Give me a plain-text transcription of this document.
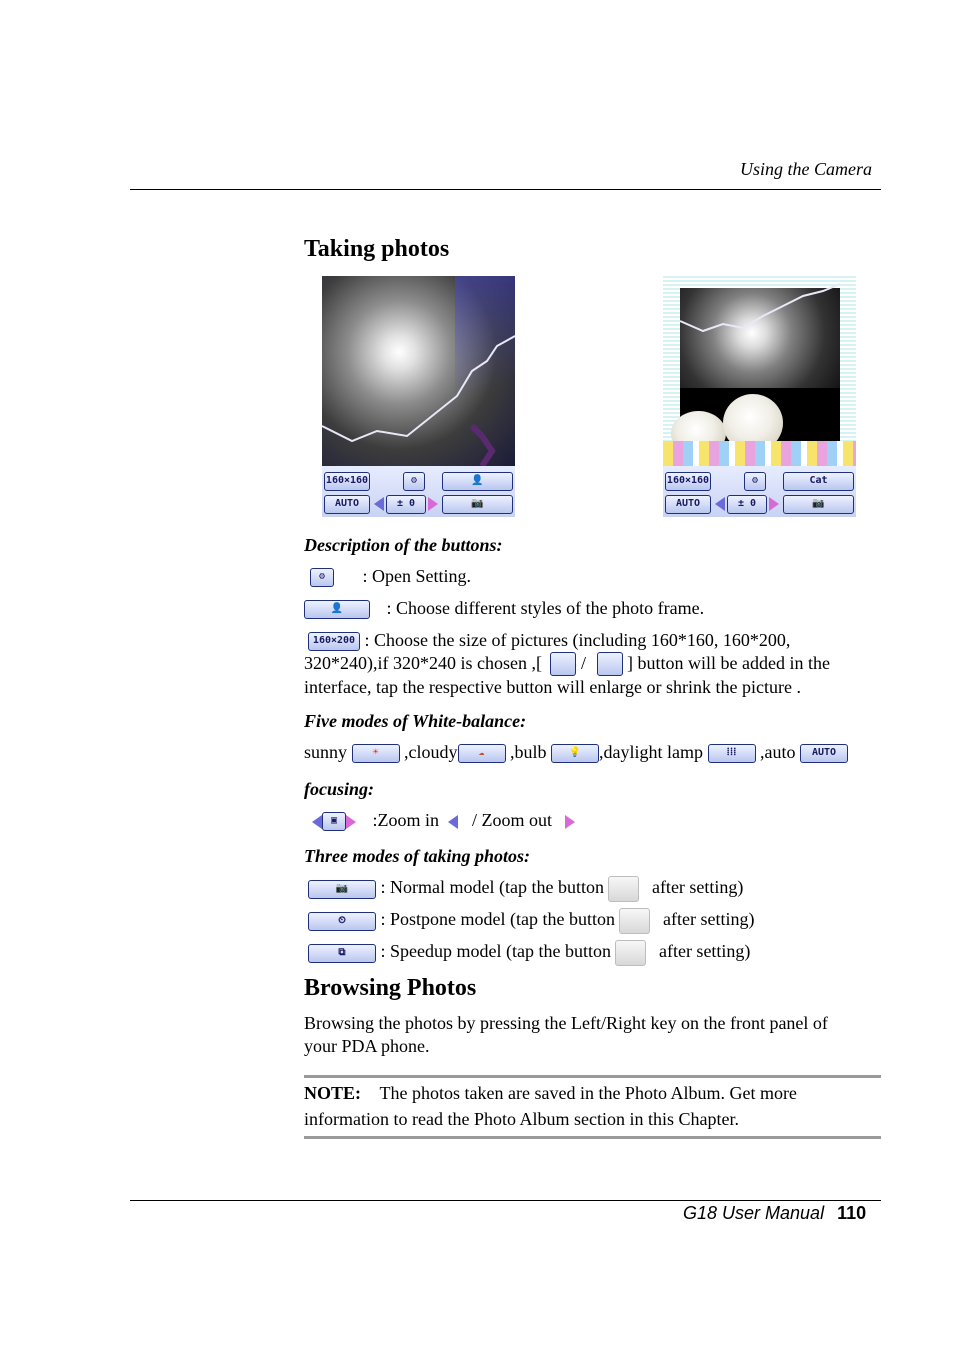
Using the Camera
Taking photos
160×160	⚙	👤
AUTO	± 0	📷
160×160	⚙	Cat
AUTO	± 0	📷
Description of the buttons:
⚙ : Open Setting.
👤 : Choose different styles of the photo frame.
160×200 : Choose the size of pictures (including 160*160, 160*200,
320*240),if 320*240 is chosen ,[ / ] button will be added in the
interface, tap the respective button will enlarge or shrink the picture .
Five modes of White-balance:
sunny	☀ ,cloudy ☁ ,bulb 💡 ,daylight lamp ⁞⁞⁞ ,auto AUTO
focusing:
▣ :Zoom in / Zoom out
Three modes of taking photos:
📷 : Normal model (tap the button	after setting)
⏲ : Postpone model (tap the button	after setting)
⧉ : Speedup model (tap the button	after setting)
Browsing Photos
Browsing the photos by pressing the Left/Right key on the front panel of
your PDA phone.
NOTE: The photos taken are saved in the Photo Album. Get more
information to read the Photo Album section in this Chapter.
G18 User Manual 110
